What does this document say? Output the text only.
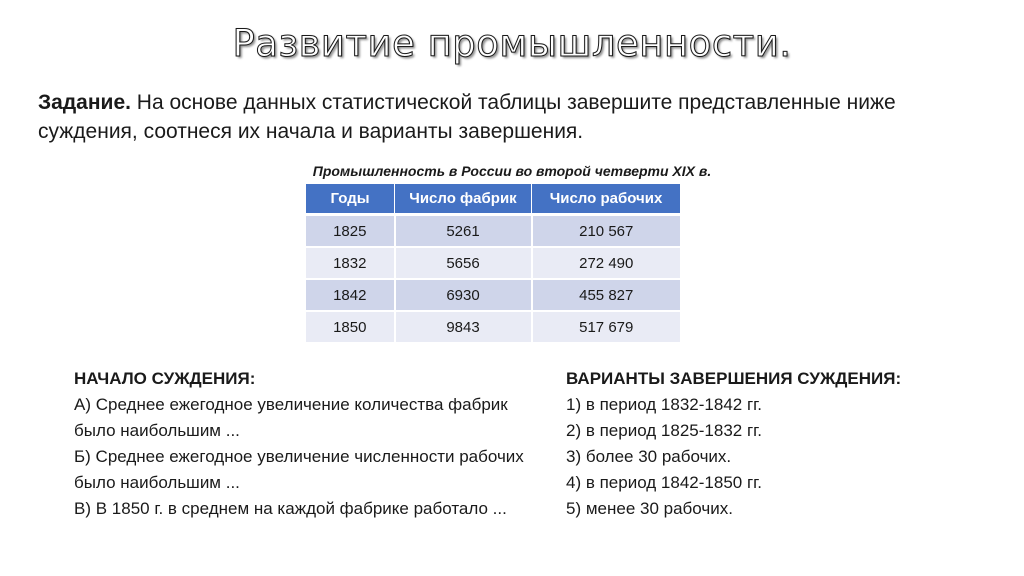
Развитие промышленности.

Задание. На основе данных статистической таблицы завершите представленные ниже суждения, соотнеся их начала и варианты завершения.

Промышленность в России во второй четверти XIX в.

Годы	Число фабрик	Число рабочих
1825	5261	210 567
1832	5656	272 490
1842	6930	455 827
1850	9843	517 679

НАЧАЛО СУЖДЕНИЯ:

А) Среднее ежегодное увеличение количества фабрик было наибольшим ...

Б) Среднее ежегодное увеличение численности рабочих было наибольшим ...

В) В 1850 г. в среднем на каждой фабрике работало ...

ВАРИАНТЫ ЗАВЕРШЕНИЯ СУЖДЕНИЯ:

1) в период 1832-1842 гг.

2) в период 1825-1832 гг.

3) более 30 рабочих.

4) в период 1842-1850 гг.

5) менее 30 рабочих.
